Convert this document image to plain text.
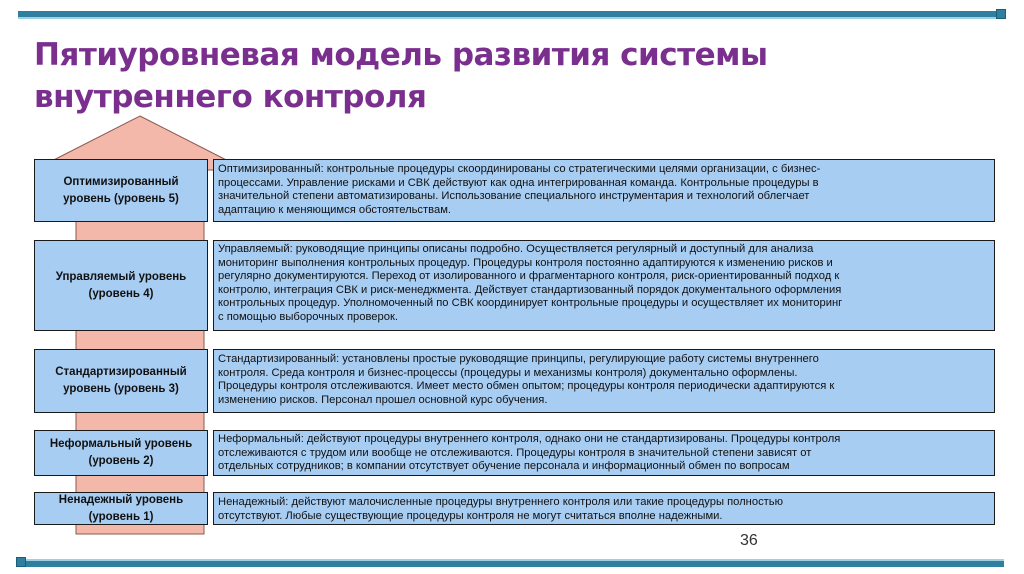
Пятиуровневая модель развития системы
внутреннего контроля
Оптимизированный
уровень (уровень 5)
Оптимизированный: контрольные процедуры скоординированы со стратегическими целями организации, с бизнес-
процессами. Управление рисками и СВК действуют как одна интегрированная команда. Контрольные процедуры в
значительной степени автоматизированы. Использование специального инструментария и технологий облегчает
адаптацию к меняющимся обстоятельствам.
Управляемый уровень
(уровень 4)
Управляемый: руководящие принципы описаны подробно. Осуществляется регулярный и доступный для анализа
мониторинг выполнения контрольных процедур. Процедуры контроля постоянно адаптируются к изменению рисков и
регулярно документируются. Переход от изолированного и фрагментарного контроля, риск-ориентированный подход к
контролю, интеграция СВК и риск-менеджмента. Действует стандартизованный порядок документального оформления
контрольных процедур. Уполномоченный по СВК координирует контрольные процедуры и осуществляет их мониторинг
с помощью выборочных проверок.
Стандартизированный
уровень (уровень 3)
Стандартизированный: установлены простые руководящие принципы, регулирующие работу системы внутреннего
контроля. Среда контроля и бизнес-процессы (процедуры и механизмы контроля) документально оформлены.
Процедуры контроля отслеживаются. Имеет место обмен опытом; процедуры контроля периодически адаптируются к
изменению рисков. Персонал прошел основной курс обучения.
Неформальный уровень
(уровень 2)
Неформальный: действуют процедуры внутреннего контроля, однако они не стандартизированы. Процедуры контроля
отслеживаются с трудом или вообще не отслеживаются. Процедуры контроля в значительной степени зависят от
отдельных сотрудников; в компании отсутствует обучение персонала и информационный обмен по вопросам
Ненадежный уровень
(уровень 1)
Ненадежный: действуют малочисленные процедуры внутреннего контроля или такие процедуры полностью
отсутствуют. Любые существующие процедуры контроля не могут считаться вполне надежными.
36
